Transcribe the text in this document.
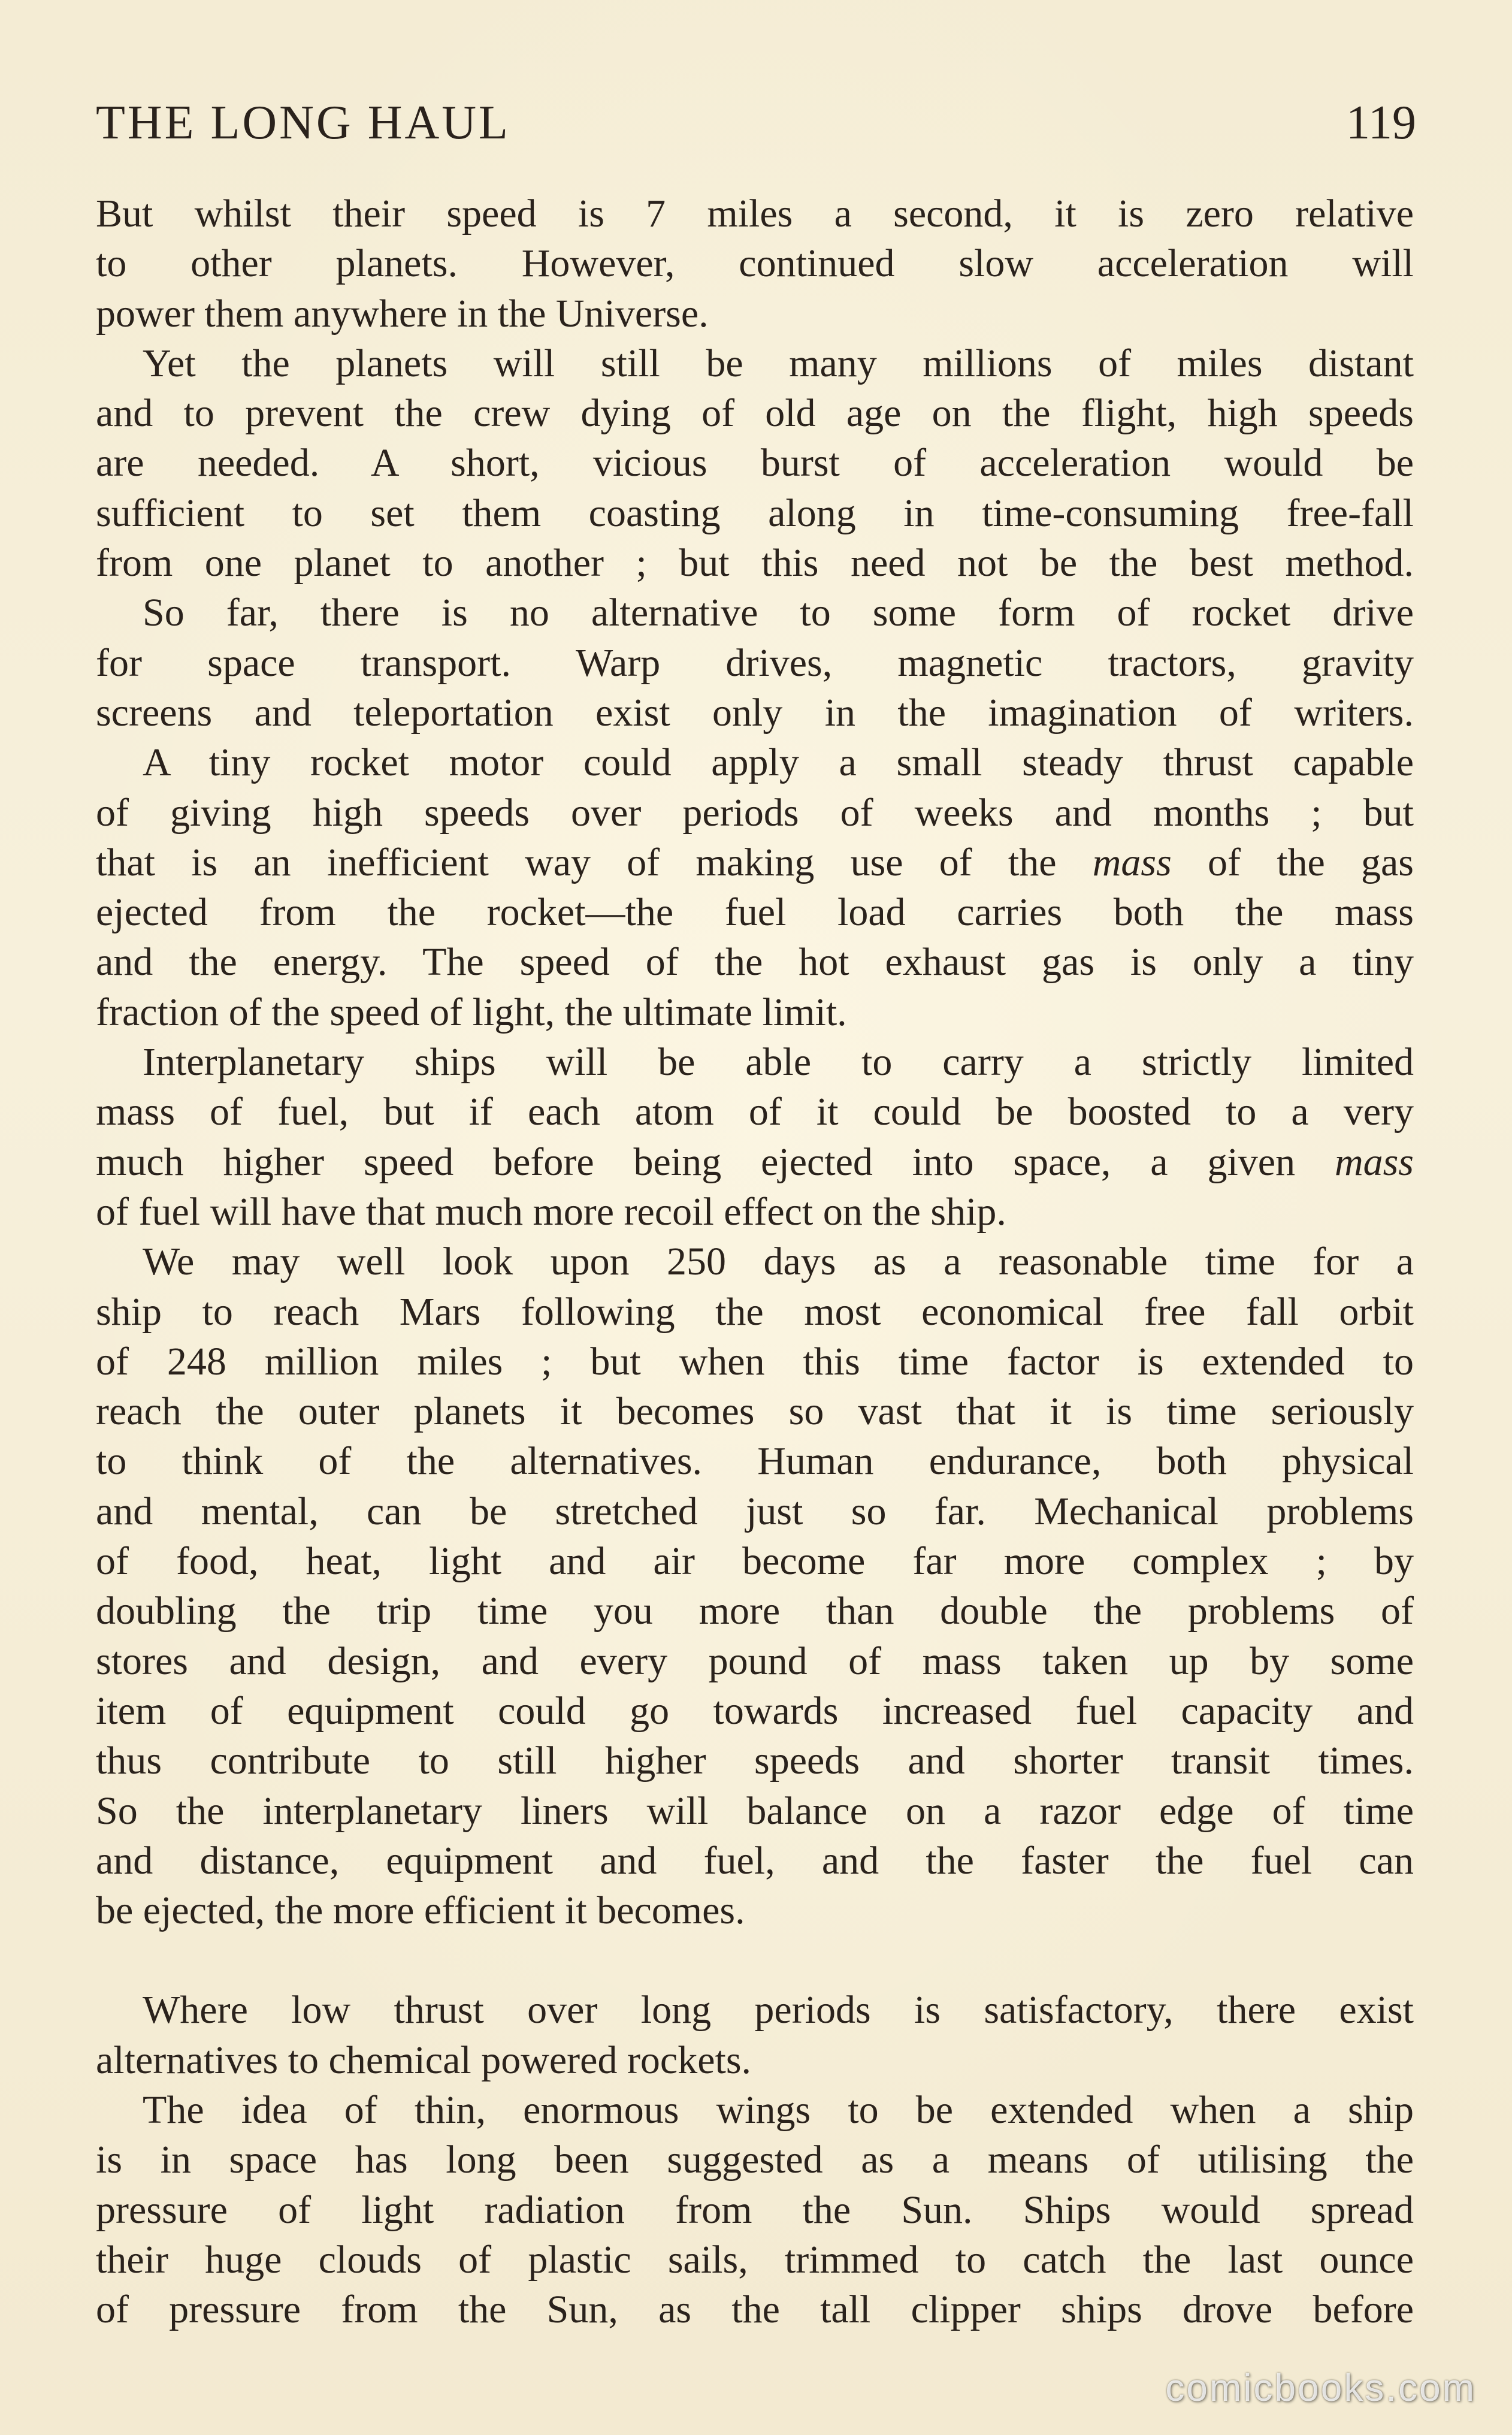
THE LONG HAUL	119
But whilst their speed is 7 miles a second, it is zero relative
to other planets. However, continued slow acceleration will
power them anywhere in the Universe.
Yet the planets will still be many millions of miles distant
and to prevent the crew dying of old age on the flight, high speeds
are needed. A short, vicious burst of acceleration would be
sufficient to set them coasting along in time-consuming free-fall
from one planet to another ; but this need not be the best method.
So far, there is no alternative to some form of rocket drive
for space transport. Warp drives, magnetic tractors, gravity
screens and teleportation exist only in the imagination of writers.
A tiny rocket motor could apply a small steady thrust capable
of giving high speeds over periods of weeks and months ; but
that is an inefficient way of making use of the mass of the gas
ejected from the rocket—the fuel load carries both the mass
and the energy. The speed of the hot exhaust gas is only a tiny
fraction of the speed of light, the ultimate limit.
Interplanetary ships will be able to carry a strictly limited
mass of fuel, but if each atom of it could be boosted to a very
much higher speed before being ejected into space, a given mass
of fuel will have that much more recoil effect on the ship.
We may well look upon 250 days as a reasonable time for a
ship to reach Mars following the most economical free fall orbit
of 248 million miles ; but when this time factor is extended to
reach the outer planets it becomes so vast that it is time seriously
to think of the alternatives. Human endurance, both physical
and mental, can be stretched just so far. Mechanical problems
of food, heat, light and air become far more complex ; by
doubling the trip time you more than double the problems of
stores and design, and every pound of mass taken up by some
item of equipment could go towards increased fuel capacity and
thus contribute to still higher speeds and shorter transit times.
So the interplanetary liners will balance on a razor edge of time
and distance, equipment and fuel, and the faster the fuel can
be ejected, the more efficient it becomes.
Where low thrust over long periods is satisfactory, there exist
alternatives to chemical powered rockets.
The idea of thin, enormous wings to be extended when a ship
is in space has long been suggested as a means of utilising the
pressure of light radiation from the Sun. Ships would spread
their huge clouds of plastic sails, trimmed to catch the last ounce
of pressure from the Sun, as the tall clipper ships drove before
comicbooks.com
